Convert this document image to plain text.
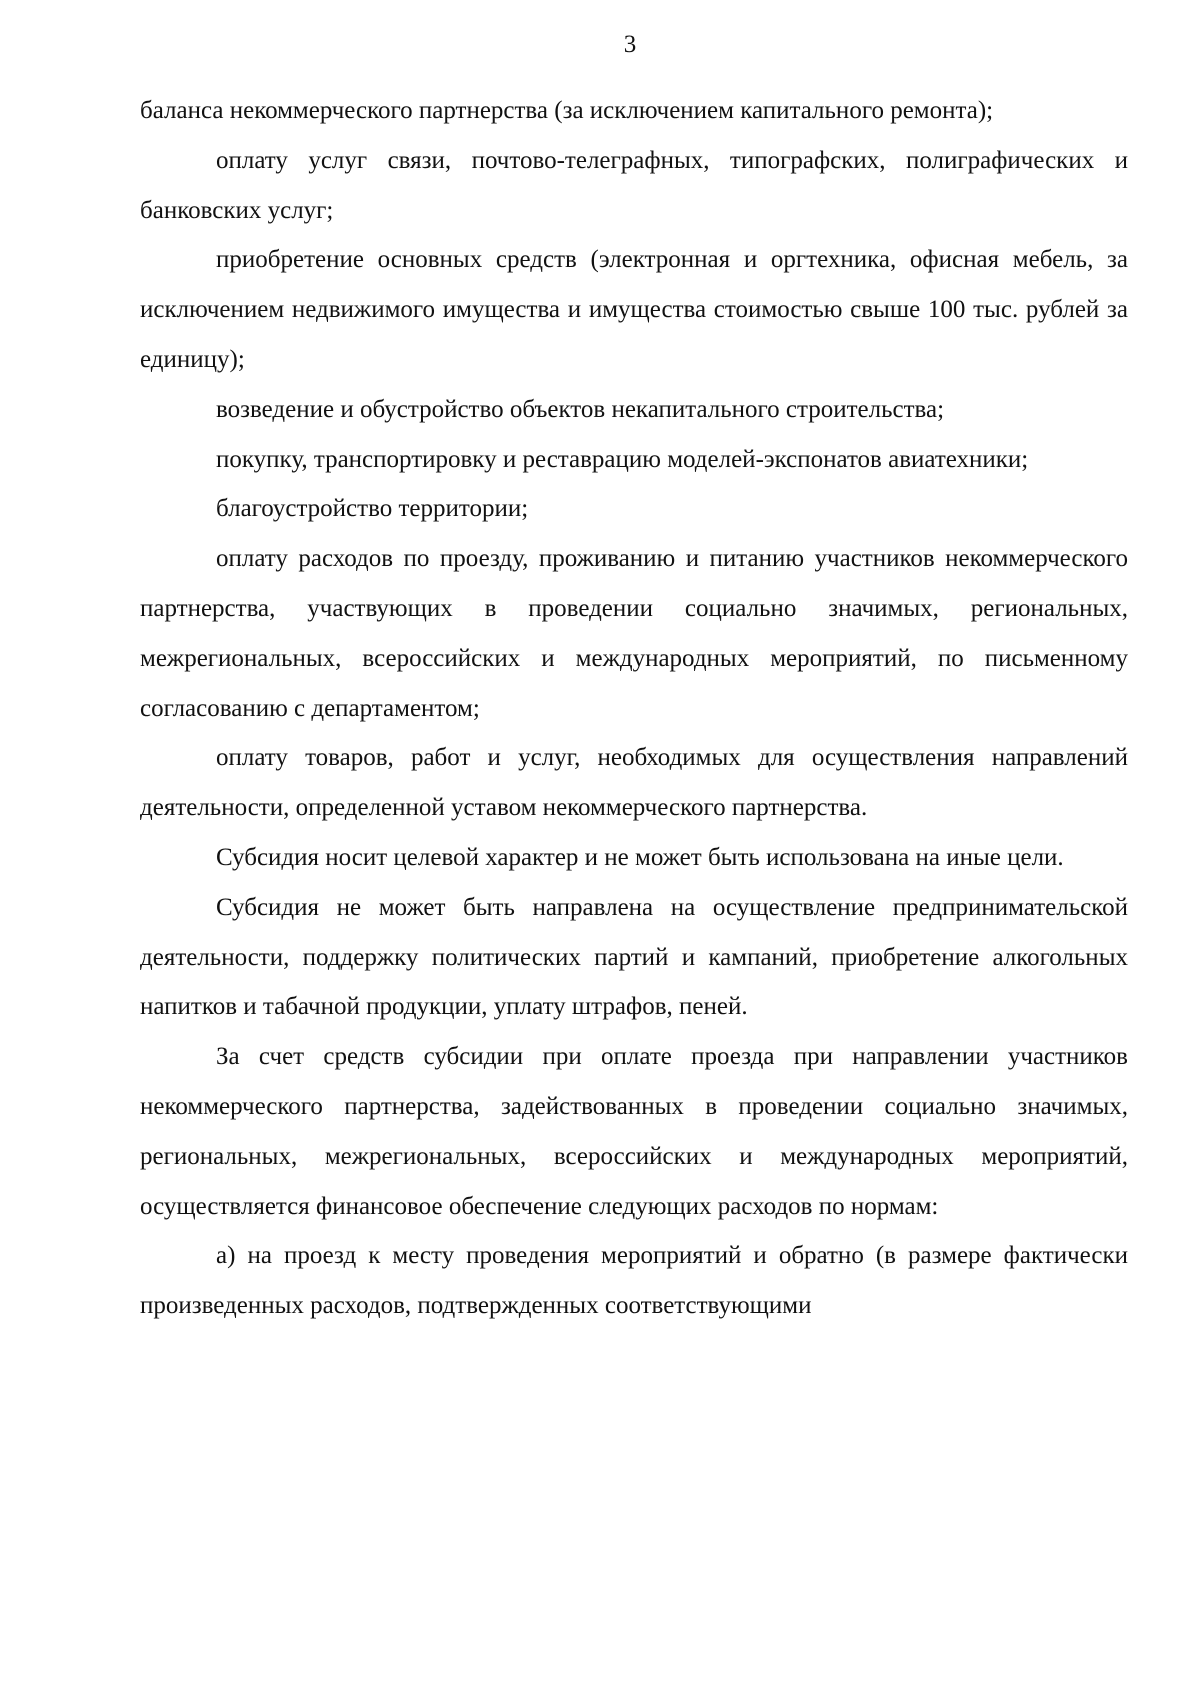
3

баланса некоммерческого партнерства (за исключением капитального ремонта);

оплату услуг связи, почтово-телеграфных, типографских, полиграфических и банковских услуг;

приобретение основных средств (электронная и оргтехника, офисная мебель, за исключением недвижимого имущества и имущества стоимостью свыше 100 тыс. рублей за единицу);

возведение и обустройство объектов некапитального строительства;

покупку, транспортировку и реставрацию моделей-экспонатов авиатехники;

благоустройство территории;

оплату расходов по проезду, проживанию и питанию участников некоммерческого партнерства, участвующих в проведении социально значимых, региональных, межрегиональных, всероссийских и международных мероприятий, по письменному согласованию с департаментом;

оплату товаров, работ и услуг, необходимых для осуществления направлений деятельности, определенной уставом некоммерческого партнерства.

Субсидия носит целевой характер и не может быть использована на иные цели.

Субсидия не может быть направлена на осуществление предпринимательской деятельности, поддержку политических партий и кампаний, приобретение алкогольных напитков и табачной продукции, уплату штрафов, пеней.

За счет средств субсидии при оплате проезда при направлении участников некоммерческого партнерства, задействованных в проведении социально значимых, региональных, межрегиональных, всероссийских и международных мероприятий, осуществляется финансовое обеспечение следующих расходов по нормам:

а) на проезд к месту проведения мероприятий и обратно (в размере фактически произведенных расходов, подтвержденных соответствующими
